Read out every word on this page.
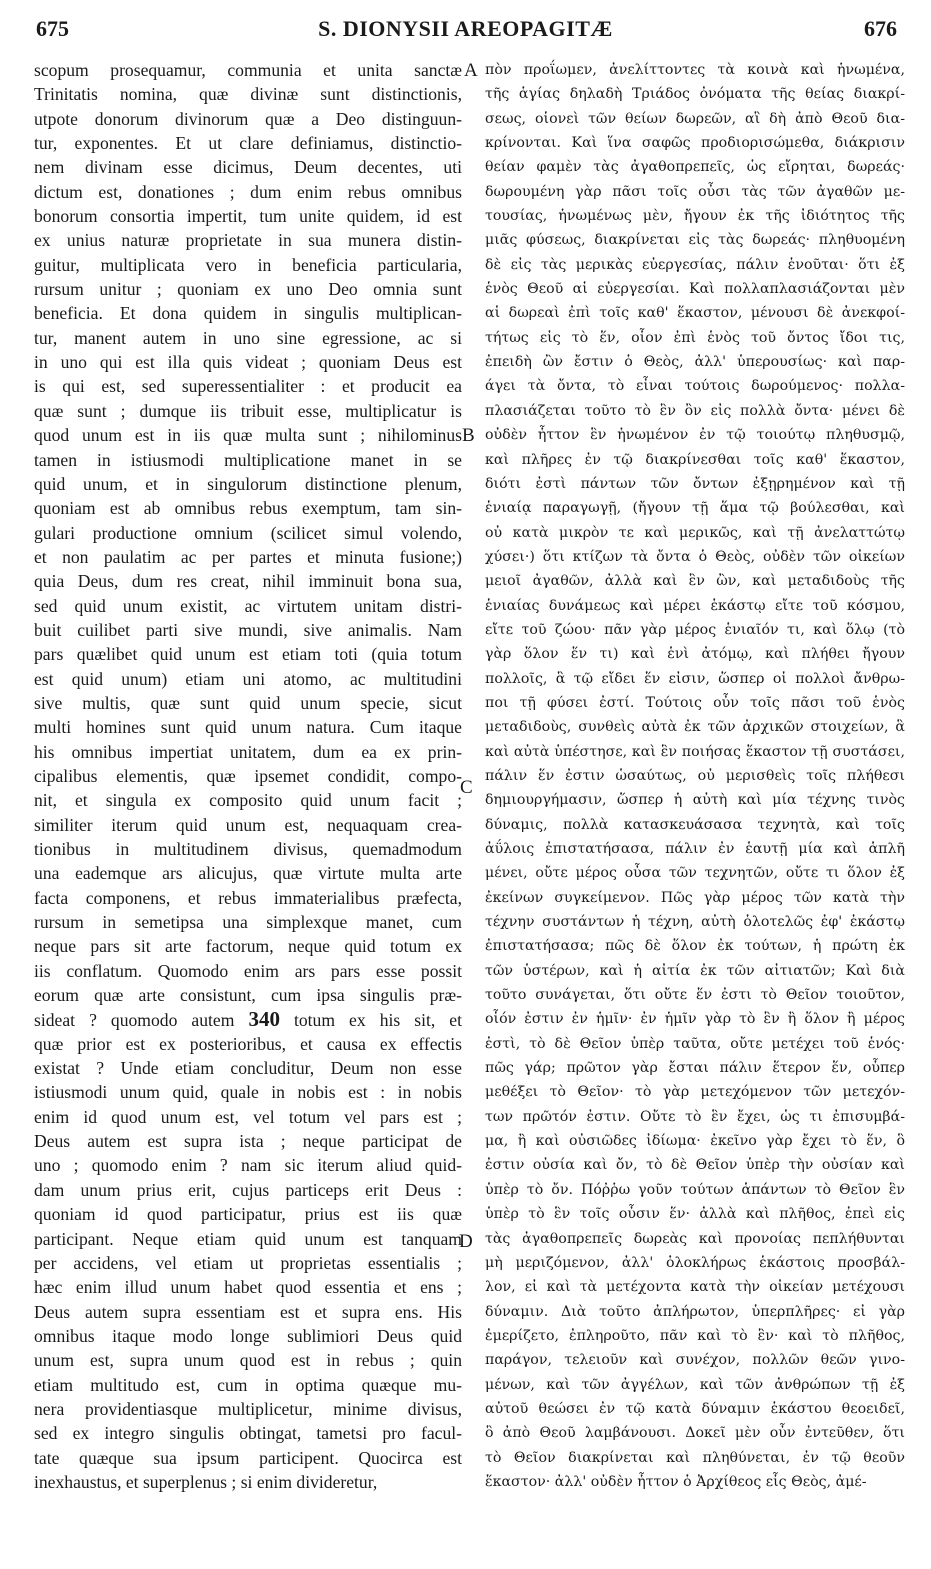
675	S. DIONYSII AREOPAGITÆ	676
scopum prosequamur, communia et unita sanctæ
Trinitatis nomina, quæ divinæ sunt distinctionis,
utpote donorum divinorum quæ a Deo distinguun-
tur, exponentes. Et ut clare definiamus, distinctio-
nem divinam esse dicimus, Deum decentes, uti
dictum est, donationes ; dum enim rebus omnibus
bonorum consortia impertit, tum unite quidem, id est
ex unius naturæ proprietate in sua munera distin-
guitur, multiplicata vero in beneficia particularia,
rursum unitur ; quoniam ex uno Deo omnia sunt
beneficia. Et dona quidem in singulis multiplican-
tur, manent autem in uno sine egressione, ac si
in uno qui est illa quis videat ; quoniam Deus est
is qui est, sed superessentialiter : et producit ea
quæ sunt ; dumque iis tribuit esse, multiplicatur is
quod unum est in iis quæ multa sunt ; nihilominus
tamen in istiusmodi multiplicatione manet in se
quid unum, et in singulorum distinctione plenum,
quoniam est ab omnibus rebus exemptum, tam sin-
gulari productione omnium (scilicet simul volendo,
et non paulatim ac per partes et minuta fusione;)
quia Deus, dum res creat, nihil imminuit bona sua,
sed quid unum existit, ac virtutem unitam distri-
buit cuilibet parti sive mundi, sive animalis. Nam
pars quælibet quid unum est etiam toti (quia totum
est quid unum) etiam uni atomo, ac multitudini
sive multis, quæ sunt quid unum specie, sicut
multi homines sunt quid unum natura. Cum itaque
his omnibus impertiat unitatem, dum ea ex prin-
cipalibus elementis, quæ ipsemet condidit, compo-
nit, et singula ex composito quid unum facit ;
similiter iterum quid unum est, nequaquam crea-
tionibus in multitudinem divisus, quemadmodum
una eademque ars alicujus, quæ virtute multa arte
facta componens, et rebus immaterialibus præfecta,
rursum in semetipsa una simplexque manet, cum
neque pars sit arte factorum, neque quid totum ex
iis conflatum. Quomodo enim ars pars esse possit
eorum quæ arte consistunt, cum ipsa singulis præ-
sideat ? quomodo autem 340 totum ex his sit, et
quæ prior est ex posterioribus, et causa ex effectis
existat ? Unde etiam concluditur, Deum non esse
istiusmodi unum quid, quale in nobis est : in nobis
enim id quod unum est, vel totum vel pars est ;
Deus autem est supra ista ; neque participat de
uno ; quomodo enim ? nam sic iterum aliud quid-
dam unum prius erit, cujus particeps erit Deus :
quoniam id quod participatur, prius est iis quæ
participant. Neque etiam quid unum est tanquam
per accidens, vel etiam ut proprietas essentialis ;
hæc enim illud unum habet quod essentia et ens ;
Deus autem supra essentiam est et supra ens. His
omnibus itaque modo longe sublimiori Deus quid
unum est, supra unum quod est in rebus ; quin
etiam multitudo est, cum in optima quæque mu-
nera providentiasque multiplicetur, minime divisus,
sed ex integro singulis obtingat, tametsi pro facul-
tate quæque sua ipsum participent. Quocirca est
inexhaustus, et superplenus ; si enim divideretur,
A
B
C
D
πὸν προΐωμεν, ἀνελίττοντες τὰ κοινὰ καὶ ἡνωμένα,
τῆς ἁγίας δηλαδὴ Τριάδος ὀνόματα τῆς θείας διακρί-
σεως, οἱονεὶ τῶν θείων δωρεῶν, αἳ δὴ ἀπὸ Θεοῦ δια-
κρίνονται. Καὶ ἵνα σαφῶς προδιορισώμεθα, διάκρισιν
θείαν φαμὲν τὰς ἀγαθοπρεπεῖς, ὡς εἴρηται, δωρεάς·
δωρουμένη γὰρ πᾶσι τοῖς οὖσι τὰς τῶν ἀγαθῶν με-
τουσίας, ἡνωμένως μὲν, ἤγουν ἐκ τῆς ἰδιότητος τῆς
μιᾶς φύσεως, διακρίνεται εἰς τὰς δωρεάς· πληθυομένη
δὲ εἰς τὰς μερικὰς εὐεργεσίας, πάλιν ἑνοῦται· ὅτι ἐξ
ἑνὸς Θεοῦ αἱ εὐεργεσίαι. Καὶ πολλαπλασιάζονται μὲν
αἱ δωρεαὶ ἐπὶ τοῖς καθ' ἕκαστον, μένουσι δὲ ἀνεκφοί-
τήτως εἰς τὸ ἕν, οἷον ἐπὶ ἑνὸς τοῦ ὄντος ἴδοι τις,
ἐπειδὴ ὢν ἔστιν ὁ Θεὸς, ἀλλ' ὑπερουσίως· καὶ παρ-
άγει τὰ ὄντα, τὸ εἶναι τούτοις δωρούμενος· πολλα-
πλασιάζεται τοῦτο τὸ ἓν ὂν εἰς πολλὰ ὄντα· μένει δὲ
οὐδὲν ἧττον ἓν ἡνωμένον ἐν τῷ τοιούτῳ πληθυσμῷ,
καὶ πλῆρες ἐν τῷ διακρίνεσθαι τοῖς καθ' ἕκαστον,
διότι ἐστὶ πάντων τῶν ὄντων ἐξῃρημένον καὶ τῇ
ἑνιαίᾳ παραγωγῇ, (ἤγουν τῇ ἅμα τῷ βούλεσθαι, καὶ
οὐ κατὰ μικρὸν τε καὶ μερικῶς, καὶ τῇ ἀνελαττώτῳ
χύσει·) ὅτι κτίζων τὰ ὄντα ὁ Θεὸς, οὐδὲν τῶν οἰκείων
μειοῖ ἀγαθῶν, ἀλλὰ καὶ ἓν ὢν, καὶ μεταδιδοὺς τῆς
ἑνιαίας δυνάμεως καὶ μέρει ἑκάστῳ εἴτε τοῦ κόσμου,
εἴτε τοῦ ζώου· πᾶν γὰρ μέρος ἑνιαῖόν τι, καὶ ὅλῳ (τὸ
γὰρ ὅλον ἕν τι) καὶ ἑνὶ ἀτόμῳ, καὶ πλήθει ἤγουν
πολλοῖς, ἃ τῷ εἴδει ἕν εἰσιν, ὥσπερ οἱ πολλοὶ ἄνθρω-
ποι τῇ φύσει ἐστί. Τούτοις οὖν τοῖς πᾶσι τοῦ ἑνὸς
μεταδιδοὺς, συνθεὶς αὐτὰ ἐκ τῶν ἀρχικῶν στοιχείων, ἃ
καὶ αὐτὰ ὑπέστησε, καὶ ἓν ποιήσας ἕκαστον τῇ συστάσει,
πάλιν ἕν ἐστιν ὡσαύτως, οὐ μερισθεὶς τοῖς πλήθεσι
δημιουργήμασιν, ὥσπερ ἡ αὐτὴ καὶ μία τέχνης τινὸς
δύναμις, πολλὰ κατασκευάσασα τεχνητὰ, καὶ τοῖς
ἀΰλοις ἐπιστατήσασα, πάλιν ἐν ἑαυτῇ μία καὶ ἁπλῆ
μένει, οὔτε μέρος οὖσα τῶν τεχνητῶν, οὔτε τι ὅλον ἐξ
ἐκείνων συγκείμενον. Πῶς γὰρ μέρος τῶν κατὰ τὴν
τέχνην συστάντων ἡ τέχνη, αὐτὴ ὁλοτελῶς ἐφ' ἑκάστῳ
ἐπιστατήσασα; πῶς δὲ ὅλον ἐκ τούτων, ἡ πρώτη ἐκ
τῶν ὑστέρων, καὶ ἡ αἰτία ἐκ τῶν αἰτιατῶν; Καὶ διὰ
τοῦτο συνάγεται, ὅτι οὔτε ἕν ἐστι τὸ Θεῖον τοιοῦτον,
οἷόν ἐστιν ἐν ἡμῖν· ἐν ἡμῖν γὰρ τὸ ἓν ἢ ὅλον ἢ μέρος
ἐστὶ, τὸ δὲ Θεῖον ὑπὲρ ταῦτα, οὔτε μετέχει τοῦ ἑνός·
πῶς γάρ; πρῶτον γὰρ ἔσται πάλιν ἕτερον ἕν, οὗπερ
μεθέξει τὸ Θεῖον· τὸ γὰρ μετεχόμενον τῶν μετεχόν-
των πρῶτόν ἐστιν. Οὔτε τὸ ἓν ἔχει, ὡς τι ἐπισυμβά-
μα, ἢ καὶ οὐσιῶδες ἰδίωμα· ἐκεῖνο γὰρ ἔχει τὸ ἕν, ὃ
ἐστιν οὐσία καὶ ὄν, τὸ δὲ Θεῖον ὑπὲρ τὴν οὐσίαν καὶ
ὑπὲρ τὸ ὄν. Πόῤῥω γοῦν τούτων ἁπάντων τὸ Θεῖον ἓν
ὑπὲρ τὸ ἓν τοῖς οὖσιν ἕν· ἀλλὰ καὶ πλῆθος, ἐπεὶ εἰς
τὰς ἀγαθοπρεπεῖς δωρεὰς καὶ προνοίας πεπλήθυνται
μὴ μεριζόμενον, ἀλλ' ὁλοκλήρως ἑκάστοις προσβάλ-
λον, εἰ καὶ τὰ μετέχοντα κατὰ τὴν οἰκείαν μετέχουσι
δύναμιν. Διὰ τοῦτο ἀπλήρωτον, ὑπερπλῆρες· εἰ γὰρ
ἐμερίζετο, ἐπληροῦτο, πᾶν καὶ τὸ ἓν· καὶ τὸ πλῆθος,
παράγον, τελειοῦν καὶ συνέχον, πολλῶν θεῶν γινο-
μένων, καὶ τῶν ἀγγέλων, καὶ τῶν ἀνθρώπων τῇ ἐξ
αὐτοῦ θεώσει ἐν τῷ κατὰ δύναμιν ἑκάστου θεοειδεῖ,
ὃ ἀπὸ Θεοῦ λαμβάνουσι. Δοκεῖ μὲν οὖν ἐντεῦθεν, ὅτι
τὸ Θεῖον διακρίνεται καὶ πληθύνεται, ἐν τῷ θεοῦν
ἕκαστον· ἀλλ' οὐδὲν ἧττον ὁ Ἀρχίθεος εἷς Θεὸς, ἀμέ-
